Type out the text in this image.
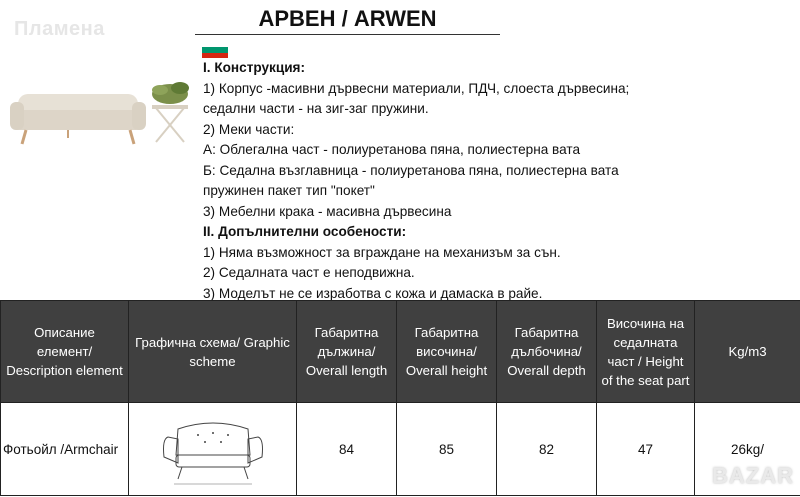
Пламена	АРВЕН / ARWEN
I. Конструкция:
1) Корпус -масивни дървесни материали, ПДЧ, слоеста дървесина;
седални части - на зиг-заг пружини.
2) Меки части:
А: Облегална част - полиуретанова пяна, полиестерна вата
Б: Седална възглавница - полиуретанова пяна, полиестерна вата
пружинен пакет тип "покет"
3) Мебелни крака - масивна дървесина
II. Допълнителни особености:
1) Няма възможност за вграждане на механизъм за сън.
2) Седалната част е неподвижна.
3) Моделът не се изработва с кожа и дамаска в райе.
Описание елемент/ Description element	Графична схема/ Graphic scheme	Габаритна дължина/ Overall length	Габаритна височина/ Overall height	Габаритна дълбочина/ Overall depth	Височина на седалната част / Height of the seat part	Kg/m3
Фотьойл /Armchair		84	85	82	47	26kg/
BAZAR
